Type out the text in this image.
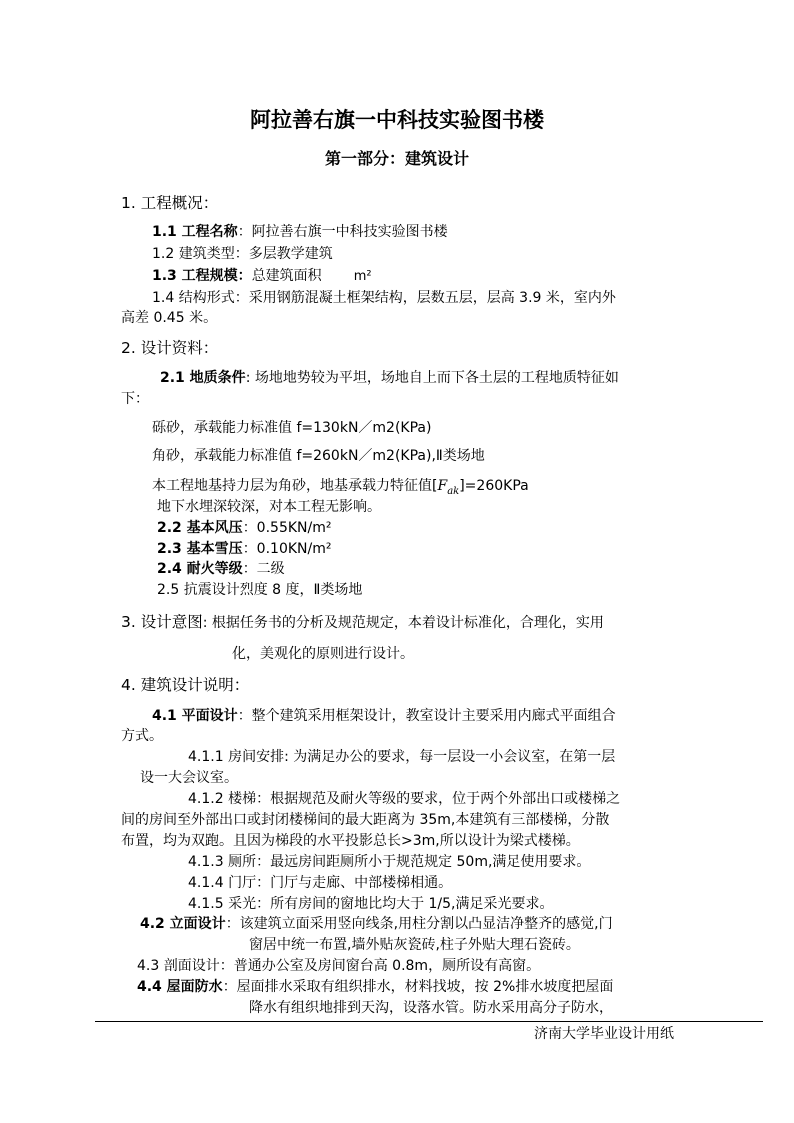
阿拉善右旗一中科技实验图书楼
第一部分：建筑设计
1. 工程概况：
1.1 工程名称：阿拉善右旗一中科技实验图书楼
1.2 建筑类型：多层教学建筑
1.3 工程规模：总建筑面积 m²
1.4 结构形式：采用钢筋混凝土框架结构，层数五层，层高 3.9 米，室内外
高差 0.45 米。
2. 设计资料：
2.1 地质条件: 场地地势较为平坦，场地自上而下各土层的工程地质特征如
下：
砾砂，承载能力标准值 f=130kN／m2(KPa)
角砂，承载能力标准值 f=260kN／m2(KPa),Ⅱ类场地
本工程地基持力层为角砂，地基承载力特征值$[F_{ak}]=260KPa$
地下水埋深较深，对本工程无影响。
2.2 基本风压：0.55KN/m²
2.3 基本雪压：0.10KN/m²
2.4 耐火等级：二级
2.5 抗震设计烈度 8 度，Ⅱ类场地
3. 设计意图: 根据任务书的分析及规范规定，本着设计标准化，合理化，实用
化，美观化的原则进行设计。
4. 建筑设计说明：
4.1 平面设计：整个建筑采用框架设计，教室设计主要采用内廊式平面组合
方式。
4.1.1 房间安排: 为满足办公的要求，每一层设一小会议室，在第一层
设一大会议室。
4.1.2 楼梯：根据规范及耐火等级的要求，位于两个外部出口或楼梯之
间的房间至外部出口或封闭楼梯间的最大距离为 35m,本建筑有三部楼梯，分散
布置，均为双跑。且因为梯段的水平投影总长>3m,所以设计为梁式楼梯。
4.1.3 厕所：最远房间距厕所小于规范规定 50m,满足使用要求。
4.1.4 门厅：门厅与走廊、中部楼梯相通。
4.1.5 采光：所有房间的窗地比均大于 1/5,满足采光要求。
4.2 立面设计：该建筑立面采用竖向线条,用柱分割以凸显洁净整齐的感觉,门
窗居中统一布置,墙外贴灰瓷砖,柱子外贴大理石瓷砖。
4.3 剖面设计：普通办公室及房间窗台高 0.8m，厕所设有高窗。
4.4 屋面防水：屋面排水采取有组织排水，材料找坡，按 2%排水坡度把屋面
降水有组织地排到天沟，设落水管。防水采用高分子防水，
济南大学毕业设计用纸
